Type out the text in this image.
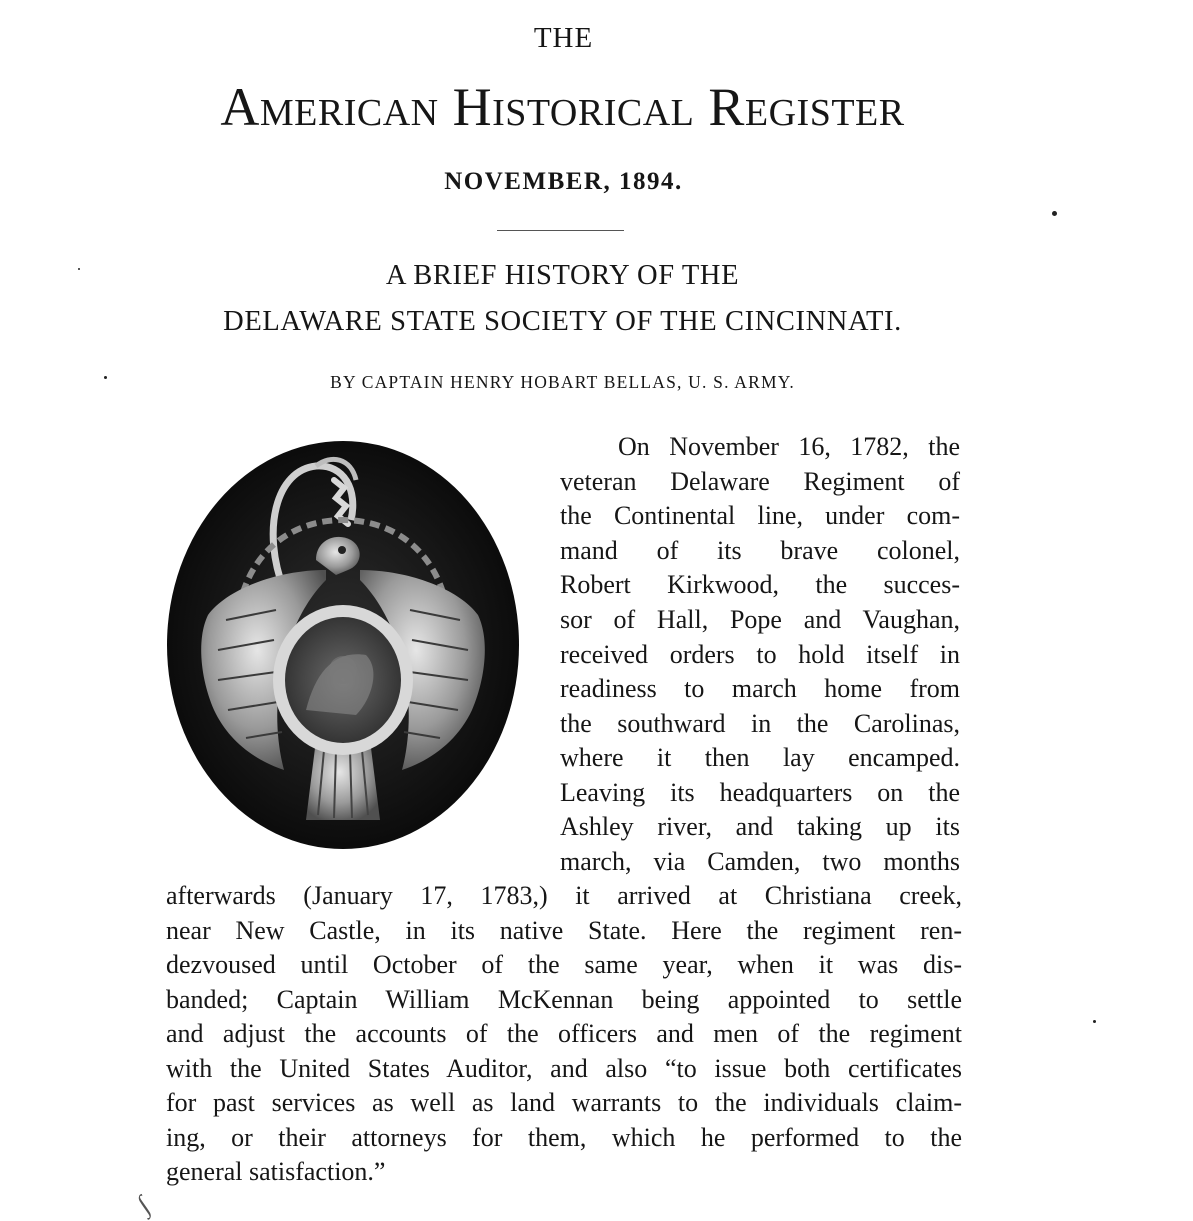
THE
American Historical Register
NOVEMBER, 1894.
A BRIEF HISTORY OF THE
DELAWARE STATE SOCIETY OF THE CINCINNATI.
BY CAPTAIN HENRY HOBART BELLAS, U. S. ARMY.
On November 16, 1782, the
veteran Delaware Regiment of
the Continental line, under com-
mand of its brave colonel,
Robert Kirkwood, the succes-
sor of Hall, Pope and Vaughan,
received orders to hold itself in
readiness to march home from
the southward in the Carolinas,
where it then lay encamped.
Leaving its headquarters on the
Ashley river, and taking up its
march, via Camden, two months
afterwards (January 17, 1783,) it arrived at Christiana creek,
near New Castle, in its native State. Here the regiment ren-
dezvoused until October of the same year, when it was dis-
banded; Captain William McKennan being appointed to settle
and adjust the accounts of the officers and men of the regiment
with the United States Auditor, and also “to issue both certificates
for past services as well as land warrants to the individuals claim-
ing, or their attorneys for them, which he performed to the
general satisfaction.”
∫
